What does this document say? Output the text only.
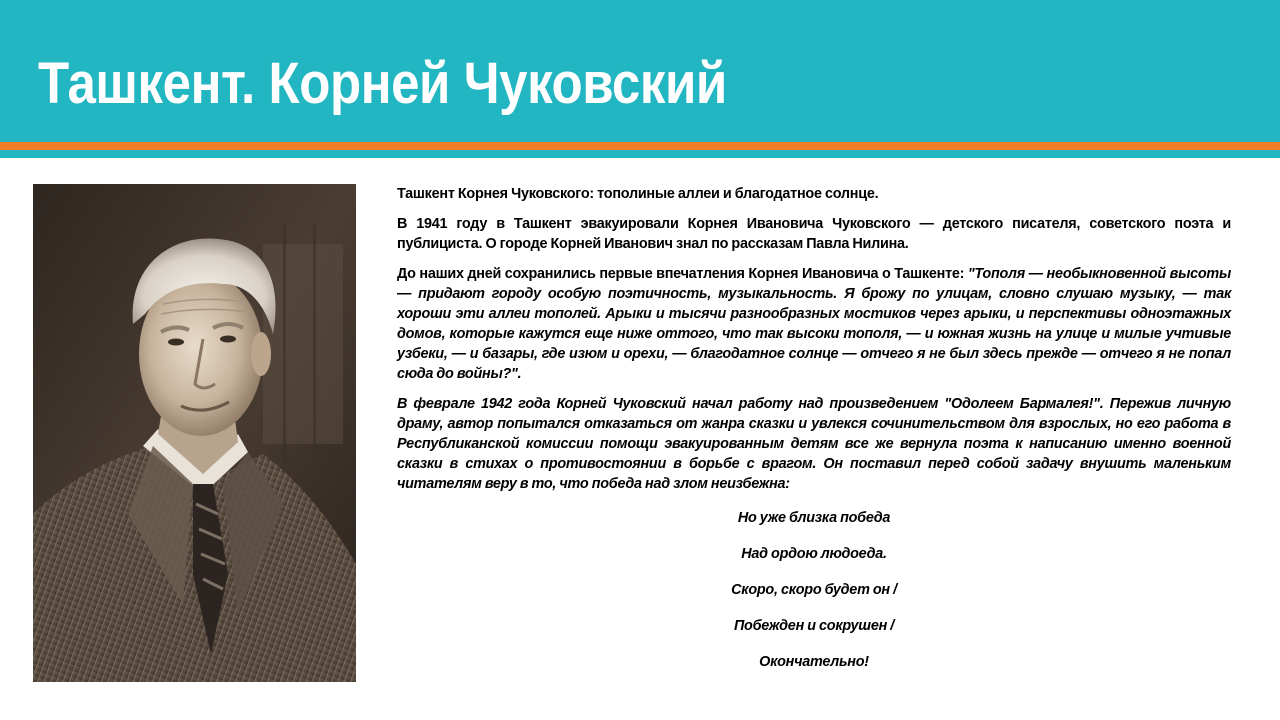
Ташкент. Корней Чуковский

Ташкент Корнея Чуковского: тополиные аллеи и благодатное солнце.

В 1941 году в Ташкент эвакуировали Корнея Ивановича Чуковского — детского писателя, советского поэта и публициста. О городе Корней Иванович знал по рассказам Павла Нилина.

До наших дней сохранились первые впечатления Корнея Ивановича о Ташкенте: "Тополя — необыкновенной высоты — придают городу особую поэтичность, музыкальность. Я брожу по улицам, словно слушаю музыку, — так хороши эти аллеи тополей. Арыки и тысячи разнообразных мостиков через арыки, и перспективы одноэтажных домов, которые кажутся еще ниже оттого, что так высоки тополя, — и южная жизнь на улице и милые учтивые узбеки, — и базары, где изюм и орехи, — благодатное солнце — отчего я не был здесь прежде — отчего я не попал сюда до войны?".

В феврале 1942 года Корней Чуковский начал работу над произведением "Одолеем Бармалея!". Пережив личную драму, автор попытался отказаться от жанра сказки и увлекся сочинительством для взрослых, но его работа в Республиканской комиссии помощи эвакуированным детям все же вернула поэта к написанию именно военной сказки в стихах о противостоянии в борьбе с врагом. Он поставил перед собой задачу внушить маленьким читателям веру в то, что победа над злом неизбежна:

Но уже близка победа
Над ордою людоеда.
Скоро, скоро будет он /
Побежден и сокрушен /
Окончательно!
